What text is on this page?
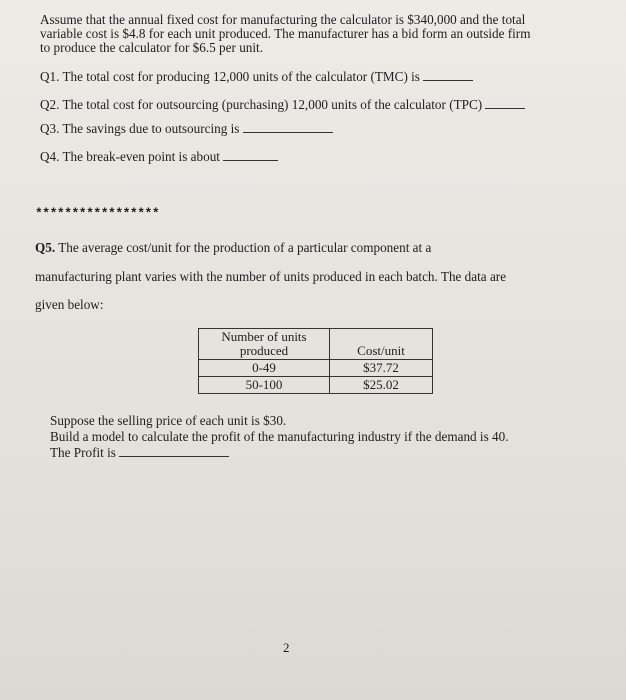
Assume that the annual fixed cost for manufacturing the calculator is $340,000 and the total
variable cost is $4.8 for each unit produced. The manufacturer has a bid form an outside firm
to produce the calculator for $6.5 per unit.
Q1. The total cost for producing 12,000 units of the calculator (TMC) is
Q2. The total cost for outsourcing (purchasing) 12,000 units of the calculator (TPC)
Q3. The savings due to outsourcing is
Q4. The break-even point is about
*****************
Q5. The average cost/unit for the production of a particular component at a
manufacturing plant varies with the number of units produced in each batch. The data are
given below:
Number of units
produced	Cost/unit
0-49	$37.72
50-100	$25.02
Suppose the selling price of each unit is $30.
Build a model to calculate the profit of the manufacturing industry if the demand is 40.
The Profit is
2
